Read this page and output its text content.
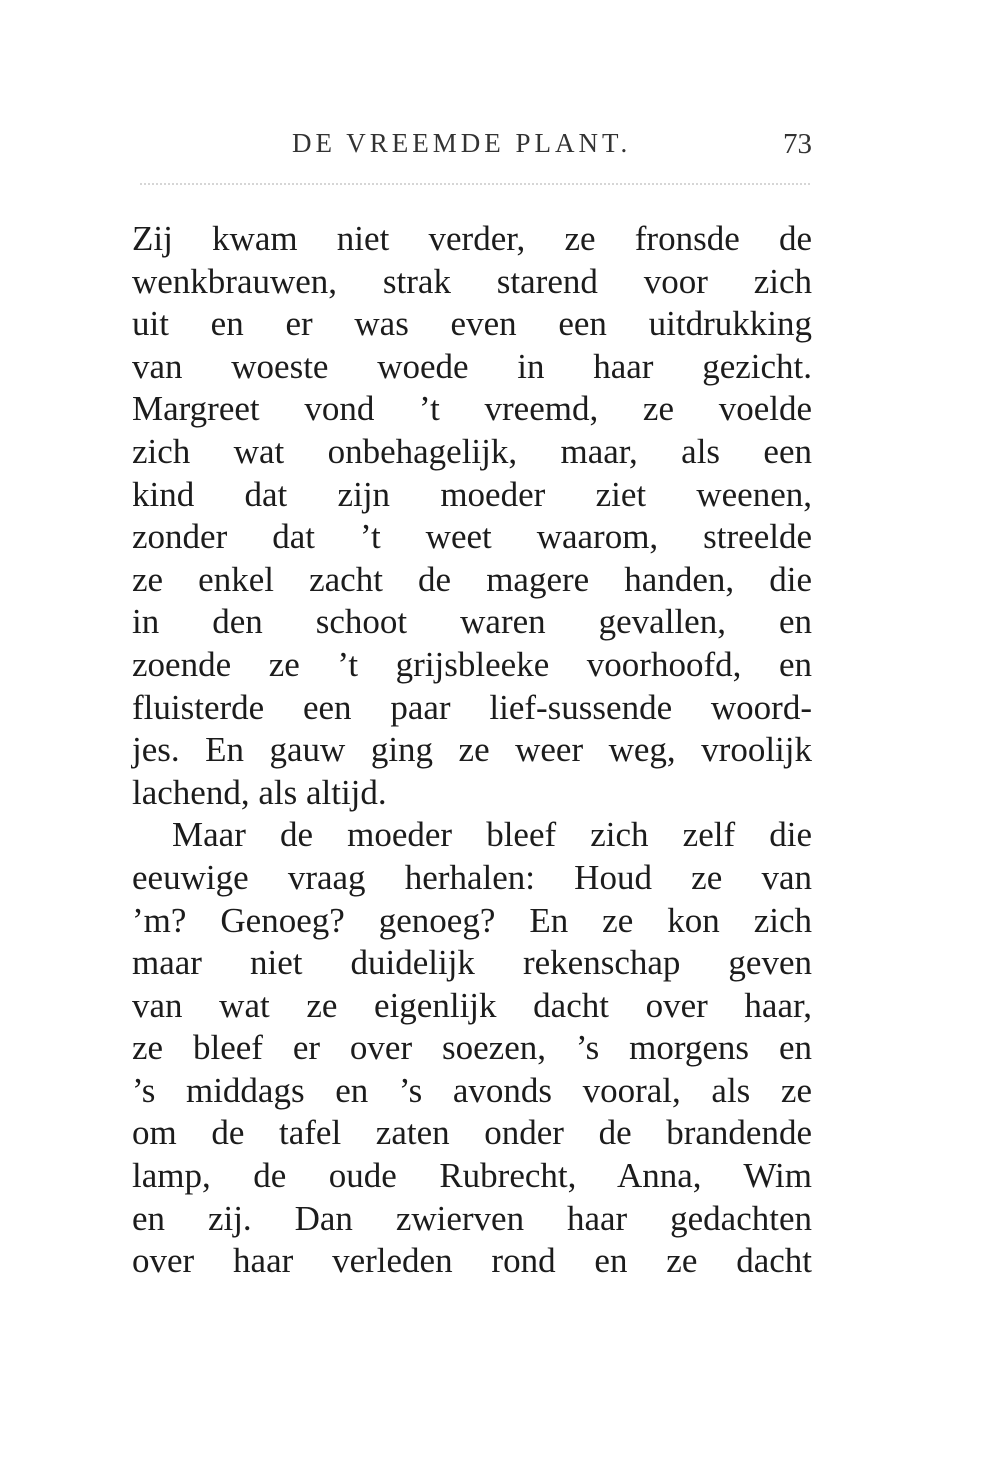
DE VREEMDE PLANT.	73
Zij kwam niet verder, ze fronsde de
wenkbrauwen, strak starend voor zich
uit en er was even een uitdrukking
van woeste woede in haar gezicht.
Margreet vond ’t vreemd, ze voelde
zich wat onbehagelijk, maar, als een
kind dat zijn moeder ziet weenen,
zonder dat ’t weet waarom, streelde
ze enkel zacht de magere handen, die
in den schoot waren gevallen, en
zoende ze ’t grijsbleeke voorhoofd, en
fluisterde een paar lief-sussende woord-
jes. En gauw ging ze weer weg, vroolijk
lachend, als altijd.
Maar de moeder bleef zich zelf die
eeuwige vraag herhalen: Houd ze van
’m? Genoeg? genoeg? En ze kon zich
maar niet duidelijk rekenschap geven
van wat ze eigenlijk dacht over haar,
ze bleef er over soezen, ’s morgens en
’s middags en ’s avonds vooral, als ze
om de tafel zaten onder de brandende
lamp, de oude Rubrecht, Anna, Wim
en zij. Dan zwierven haar gedachten
over haar verleden rond en ze dacht
